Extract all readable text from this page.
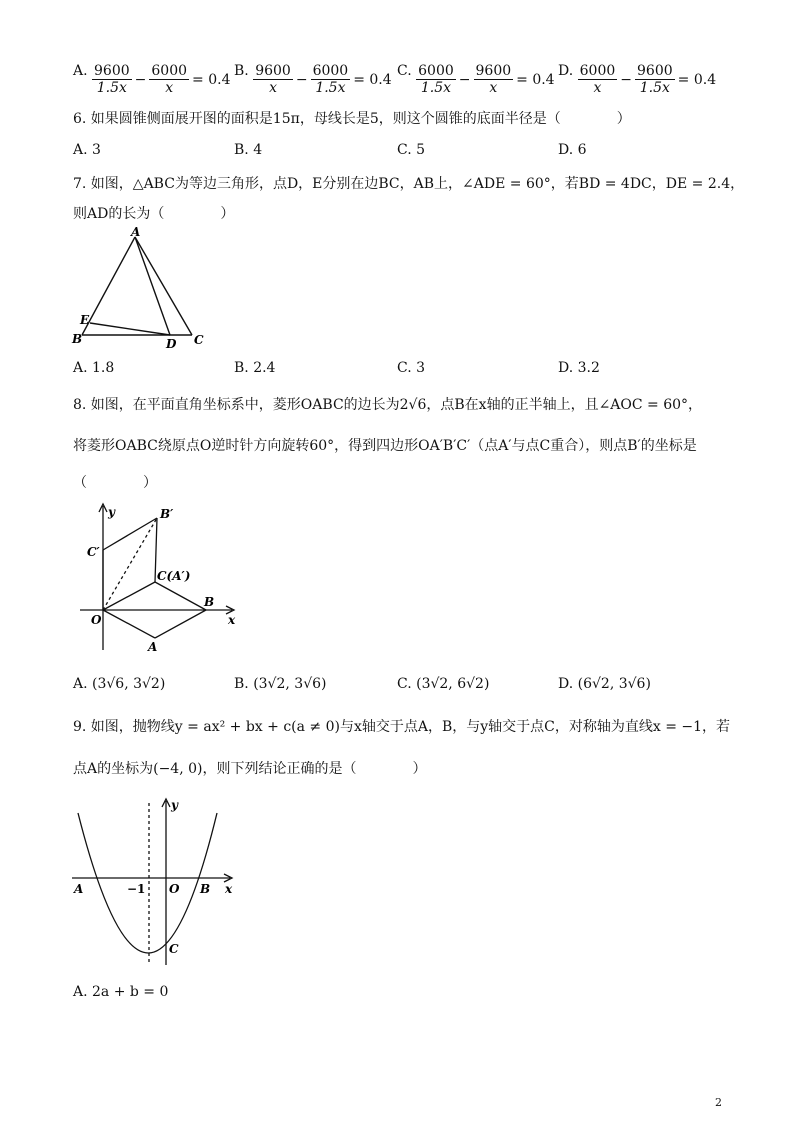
A. $\frac{9600}{1.5x} - \frac{6000}{x} = 0.4$
B. $\frac{9600}{x} - \frac{6000}{1.5x} = 0.4$
C. $\frac{6000}{1.5x} - \frac{9600}{x} = 0.4$
D. $\frac{6000}{x} - \frac{9600}{1.5x} = 0.4$
6. 如果圆锥侧面展开图的面积是15π，母线长是5，则这个圆锥的底面半径是（　　　　）
A. 3	B. 4	C. 5	D. 6
7. 如图，△ABC为等边三角形，点D，E分别在边BC，AB上，∠ADE = 60°，若BD = 4DC，DE = 2.4，
则AD的长为（　　　　）
A
B	C
D
E
A. 1.8	B. 2.4	C. 3	D. 3.2
8. 如图，在平面直角坐标系中，菱形OABC的边长为2√6，点B在x轴的正半轴上，且∠AOC = 60°，
将菱形OABC绕原点O逆时针方向旋转60°，得到四边形OA′B′C′（点A′与点C重合），则点B′的坐标是
（　　　　）
y
x
O
A
B
B′
C′
C(A′)
A. (3√6, 3√2)	B. (3√2, 3√6)	C. (3√2, 6√2)	D. (6√2, 3√6)
9. 如图，抛物线y = ax² + bx + c(a ≠ 0)与x轴交于点A，B，与y轴交于点C，对称轴为直线x = −1，若
点A的坐标为(−4, 0)，则下列结论正确的是（　　　　）
y
x
O
A	B
C
−1
A. 2a + b = 0
2
